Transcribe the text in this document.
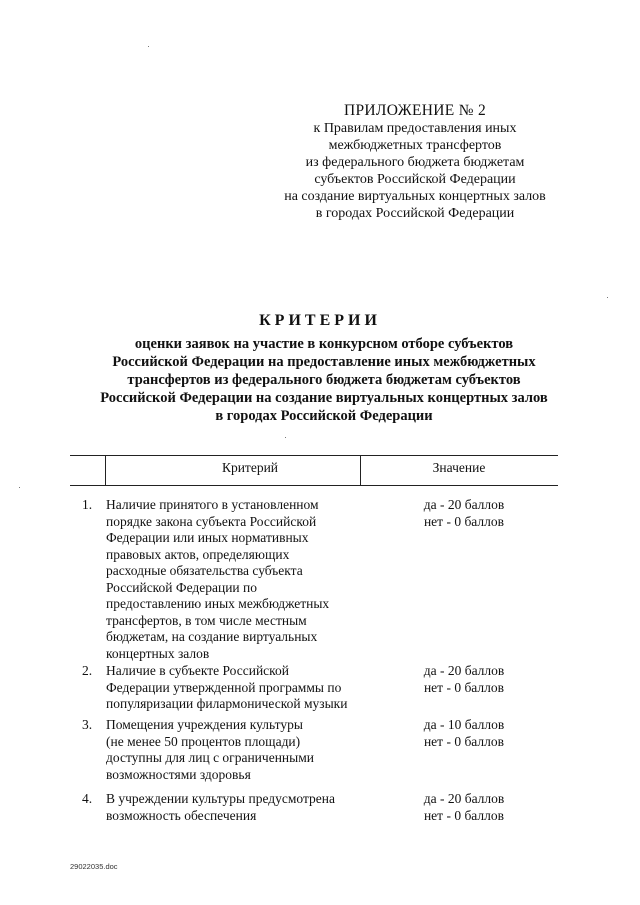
ПРИЛОЖЕНИЕ № 2
к Правилам предоставления иных
межбюджетных трансфертов
из федерального бюджета бюджетам
субъектов Российской Федерации
на создание виртуальных концертных залов
в городах Российской Федерации
КРИТЕРИИ
оценки заявок на участие в конкурсном отборе субъектов
Российской Федерации на предоставление иных межбюджетных
трансфертов из федерального бюджета бюджетам субъектов
Российской Федерации на создание виртуальных концертных залов
в городах Российской Федерации
Критерий	Значение
1.	Наличие принятого в установленном
порядке закона субъекта Российской
Федерации или иных нормативных
правовых актов, определяющих
расходные обязательства субъекта
Российской Федерации по
предоставлению иных межбюджетных
трансфертов, в том числе местным
бюджетам, на создание виртуальных
концертных залов
да - 20 баллов
нет - 0 баллов
2.	Наличие в субъекте Российской
Федерации утвержденной программы по
популяризации филармонической музыки
да - 20 баллов
нет - 0 баллов
3.	Помещения учреждения культуры
(не менее 50 процентов площади)
доступны для лиц с ограниченными
возможностями здоровья
да - 10 баллов
нет - 0 баллов
4.	В учреждении культуры предусмотрена
возможность обеспечения
да - 20 баллов
нет - 0 баллов
29022035.doc
